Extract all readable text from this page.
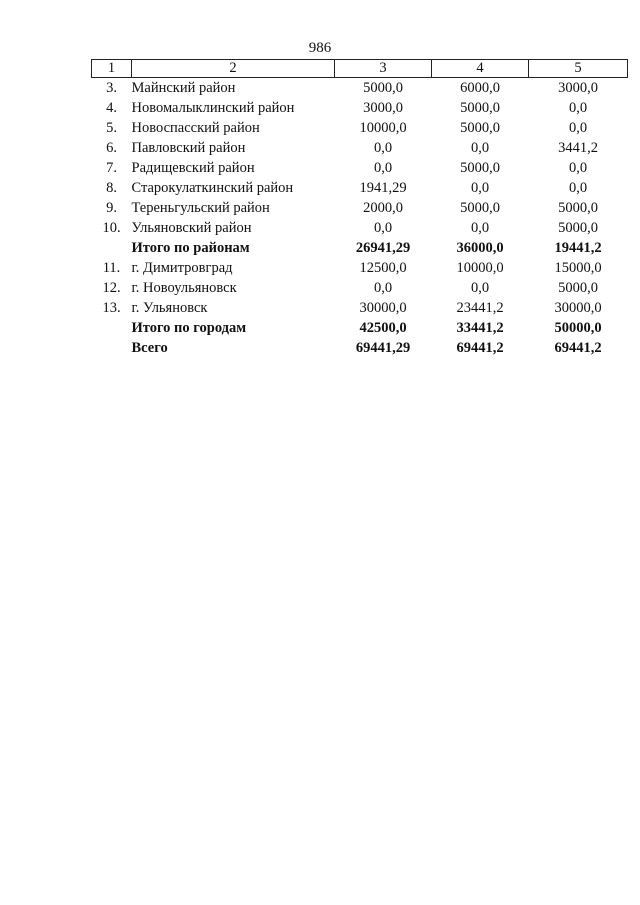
986
1	2	3	4	5
3.	Майнский район	5000,0	6000,0	3000,0
4.	Новомалыклинский район	3000,0	5000,0	0,0
5.	Новоспасский район	10000,0	5000,0	0,0
6.	Павловский район	0,0	0,0	3441,2
7.	Радищевский район	0,0	5000,0	0,0
8.	Старокулаткинский район	1941,29	0,0	0,0
9.	Тереньгульский район	2000,0	5000,0	5000,0
10.	Ульяновский район	0,0	0,0	5000,0
	Итого по районам	26941,29	36000,0	19441,2
11.	г. Димитровград	12500,0	10000,0	15000,0
12.	г. Новоульяновск	0,0	0,0	5000,0
13.	г. Ульяновск	30000,0	23441,2	30000,0
	Итого по городам	42500,0	33441,2	50000,0
	Всего	69441,29	69441,2	69441,2
